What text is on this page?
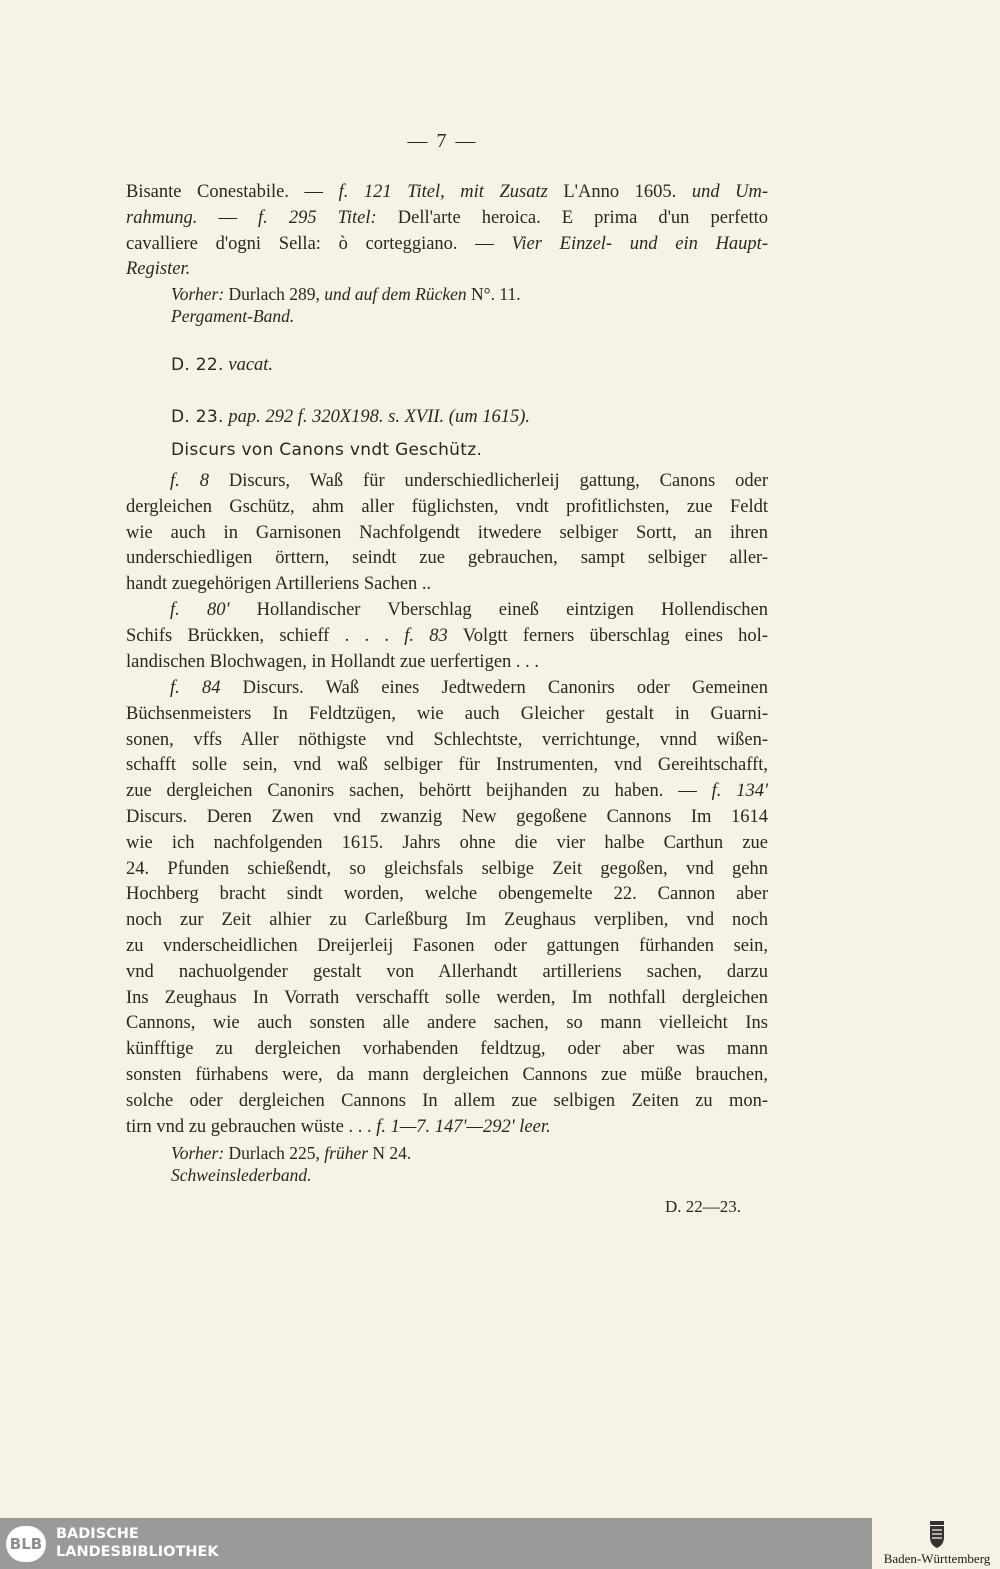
— 7 —
Bisante Conestabile. — f. 121 Titel, mit Zusatz L'Anno 1605. und Um-
rahmung. — f. 295 Titel: Dell'arte heroica. E prima d'un perfetto
cavalliere d'ogni Sella: ò corteggiano. — Vier Einzel- und ein Haupt-
Register.
Vorher: Durlach 289, und auf dem Rücken N°. 11.
Pergament-Band.
D. 22. vacat.
D. 23. pap. 292 f. 320X198. s. XVII. (um 1615).
Discurs von Canons vndt Geschütz.
f. 8 Discurs, Waß für underschiedlicherleij gattung, Canons oder
dergleichen Gschütz, ahm aller füglichsten, vndt profitlichsten, zue Feldt
wie auch in Garnisonen Nachfolgendt itwedere selbiger Sortt, an ihren
underschiedligen örttern, seindt zue gebrauchen, sampt selbiger aller-
handt zuegehörigen Artilleriens Sachen ..
f. 80' Hollandischer Vberschlag eineß eintzigen Hollendischen
Schifs Brückken, schieff . . . f. 83 Volgtt ferners überschlag eines hol-
landischen Blochwagen, in Hollandt zue uerfertigen . . .
f. 84 Discurs. Waß eines Jedtwedern Canonirs oder Gemeinen
Büchsenmeisters In Feldtzügen, wie auch Gleicher gestalt in Guarni-
sonen, vffs Aller nöthigste vnd Schlechtste, verrichtunge, vnnd wißen-
schafft solle sein, vnd waß selbiger für Instrumenten, vnd Gereihtschafft,
zue dergleichen Canonirs sachen, behörtt beijhanden zu haben. — f. 134'
Discurs. Deren Zwen vnd zwanzig New gegoßene Cannons Im 1614
wie ich nachfolgenden 1615. Jahrs ohne die vier halbe Carthun zue
24. Pfunden schießendt, so gleichsfals selbige Zeit gegoßen, vnd gehn
Hochberg bracht sindt worden, welche obengemelte 22. Cannon aber
noch zur Zeit alhier zu Carleßburg Im Zeughaus verpliben, vnd noch
zu vnderscheidlichen Dreijerleij Fasonen oder gattungen fürhanden sein,
vnd nachuolgender gestalt von Allerhandt artilleriens sachen, darzu
Ins Zeughaus In Vorrath verschafft solle werden, Im nothfall dergleichen
Cannons, wie auch sonsten alle andere sachen, so mann vielleicht Ins
künfftige zu dergleichen vorhabenden feldtzug, oder aber was mann
sonsten fürhabens were, da mann dergleichen Cannons zue müße brauchen,
solche oder dergleichen Cannons In allem zue selbigen Zeiten zu mon-
tirn vnd zu gebrauchen wüste . . . f. 1—7. 147'—292' leer.
Vorher: Durlach 225, früher N 24.
Schweinslederband.
D. 22—23.
BLB
BADISCHE
LANDESBIBLIOTHEK	Baden-Württemberg
